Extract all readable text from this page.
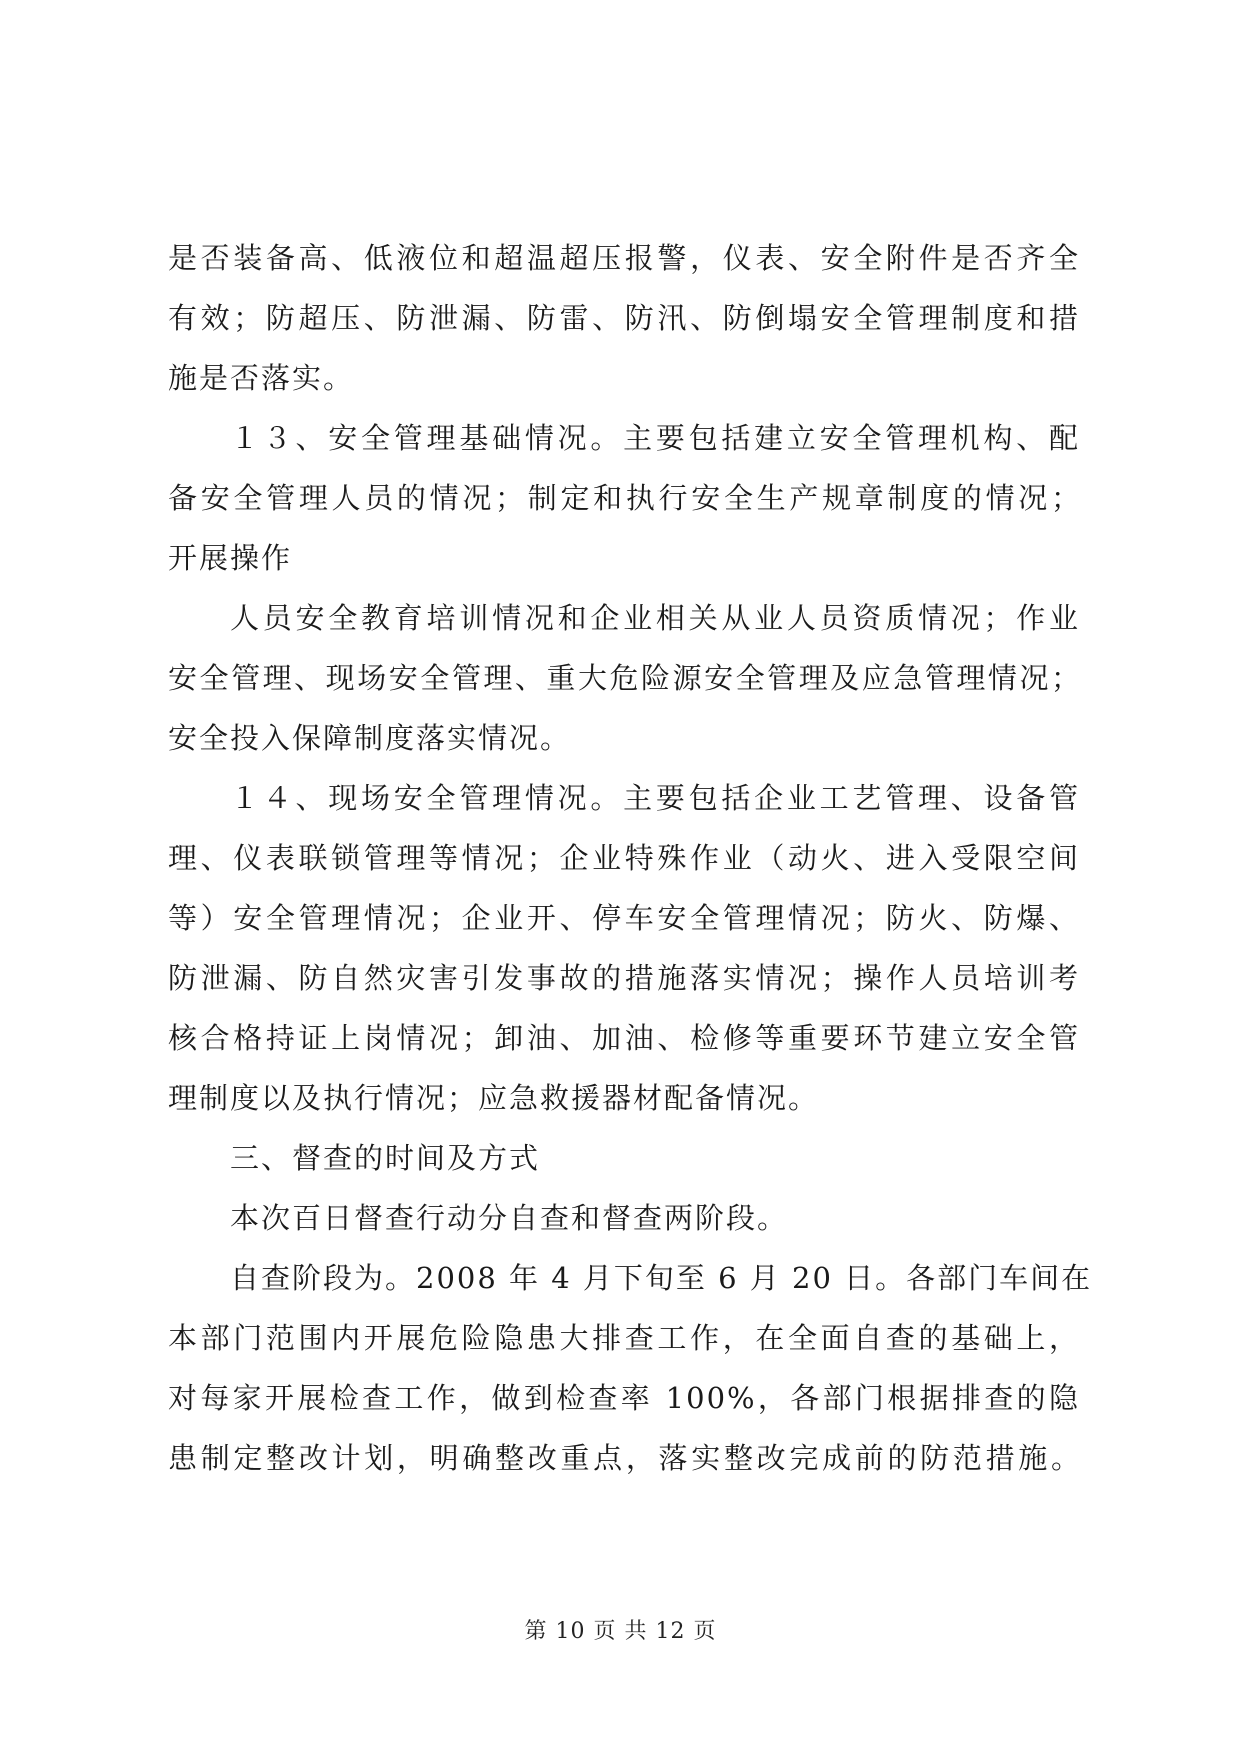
是否装备高、低液位和超温超压报警，仪表、安全附件是否齐全
有效；防超压、防泄漏、防雷、防汛、防倒塌安全管理制度和措
施是否落实。
１３、安全管理基础情况。主要包括建立安全管理机构、配
备安全管理人员的情况；制定和执行安全生产规章制度的情况；
开展操作
人员安全教育培训情况和企业相关从业人员资质情况；作业
安全管理、现场安全管理、重大危险源安全管理及应急管理情况；
安全投入保障制度落实情况。
１４、现场安全管理情况。主要包括企业工艺管理、设备管
理、仪表联锁管理等情况；企业特殊作业（动火、进入受限空间
等）安全管理情况；企业开、停车安全管理情况；防火、防爆、
防泄漏、防自然灾害引发事故的措施落实情况；操作人员培训考
核合格持证上岗情况；卸油、加油、检修等重要环节建立安全管
理制度以及执行情况；应急救援器材配备情况。
三、督查的时间及方式
本次百日督查行动分自查和督查两阶段。
自查阶段为。2008 年 4 月下旬至 6 月 20 日。各部门车间在
本部门范围内开展危险隐患大排查工作，在全面自查的基础上，
对每家开展检查工作，做到检查率 100%，各部门根据排查的隐
患制定整改计划，明确整改重点，落实整改完成前的防范措施。
第 10 页 共 12 页
